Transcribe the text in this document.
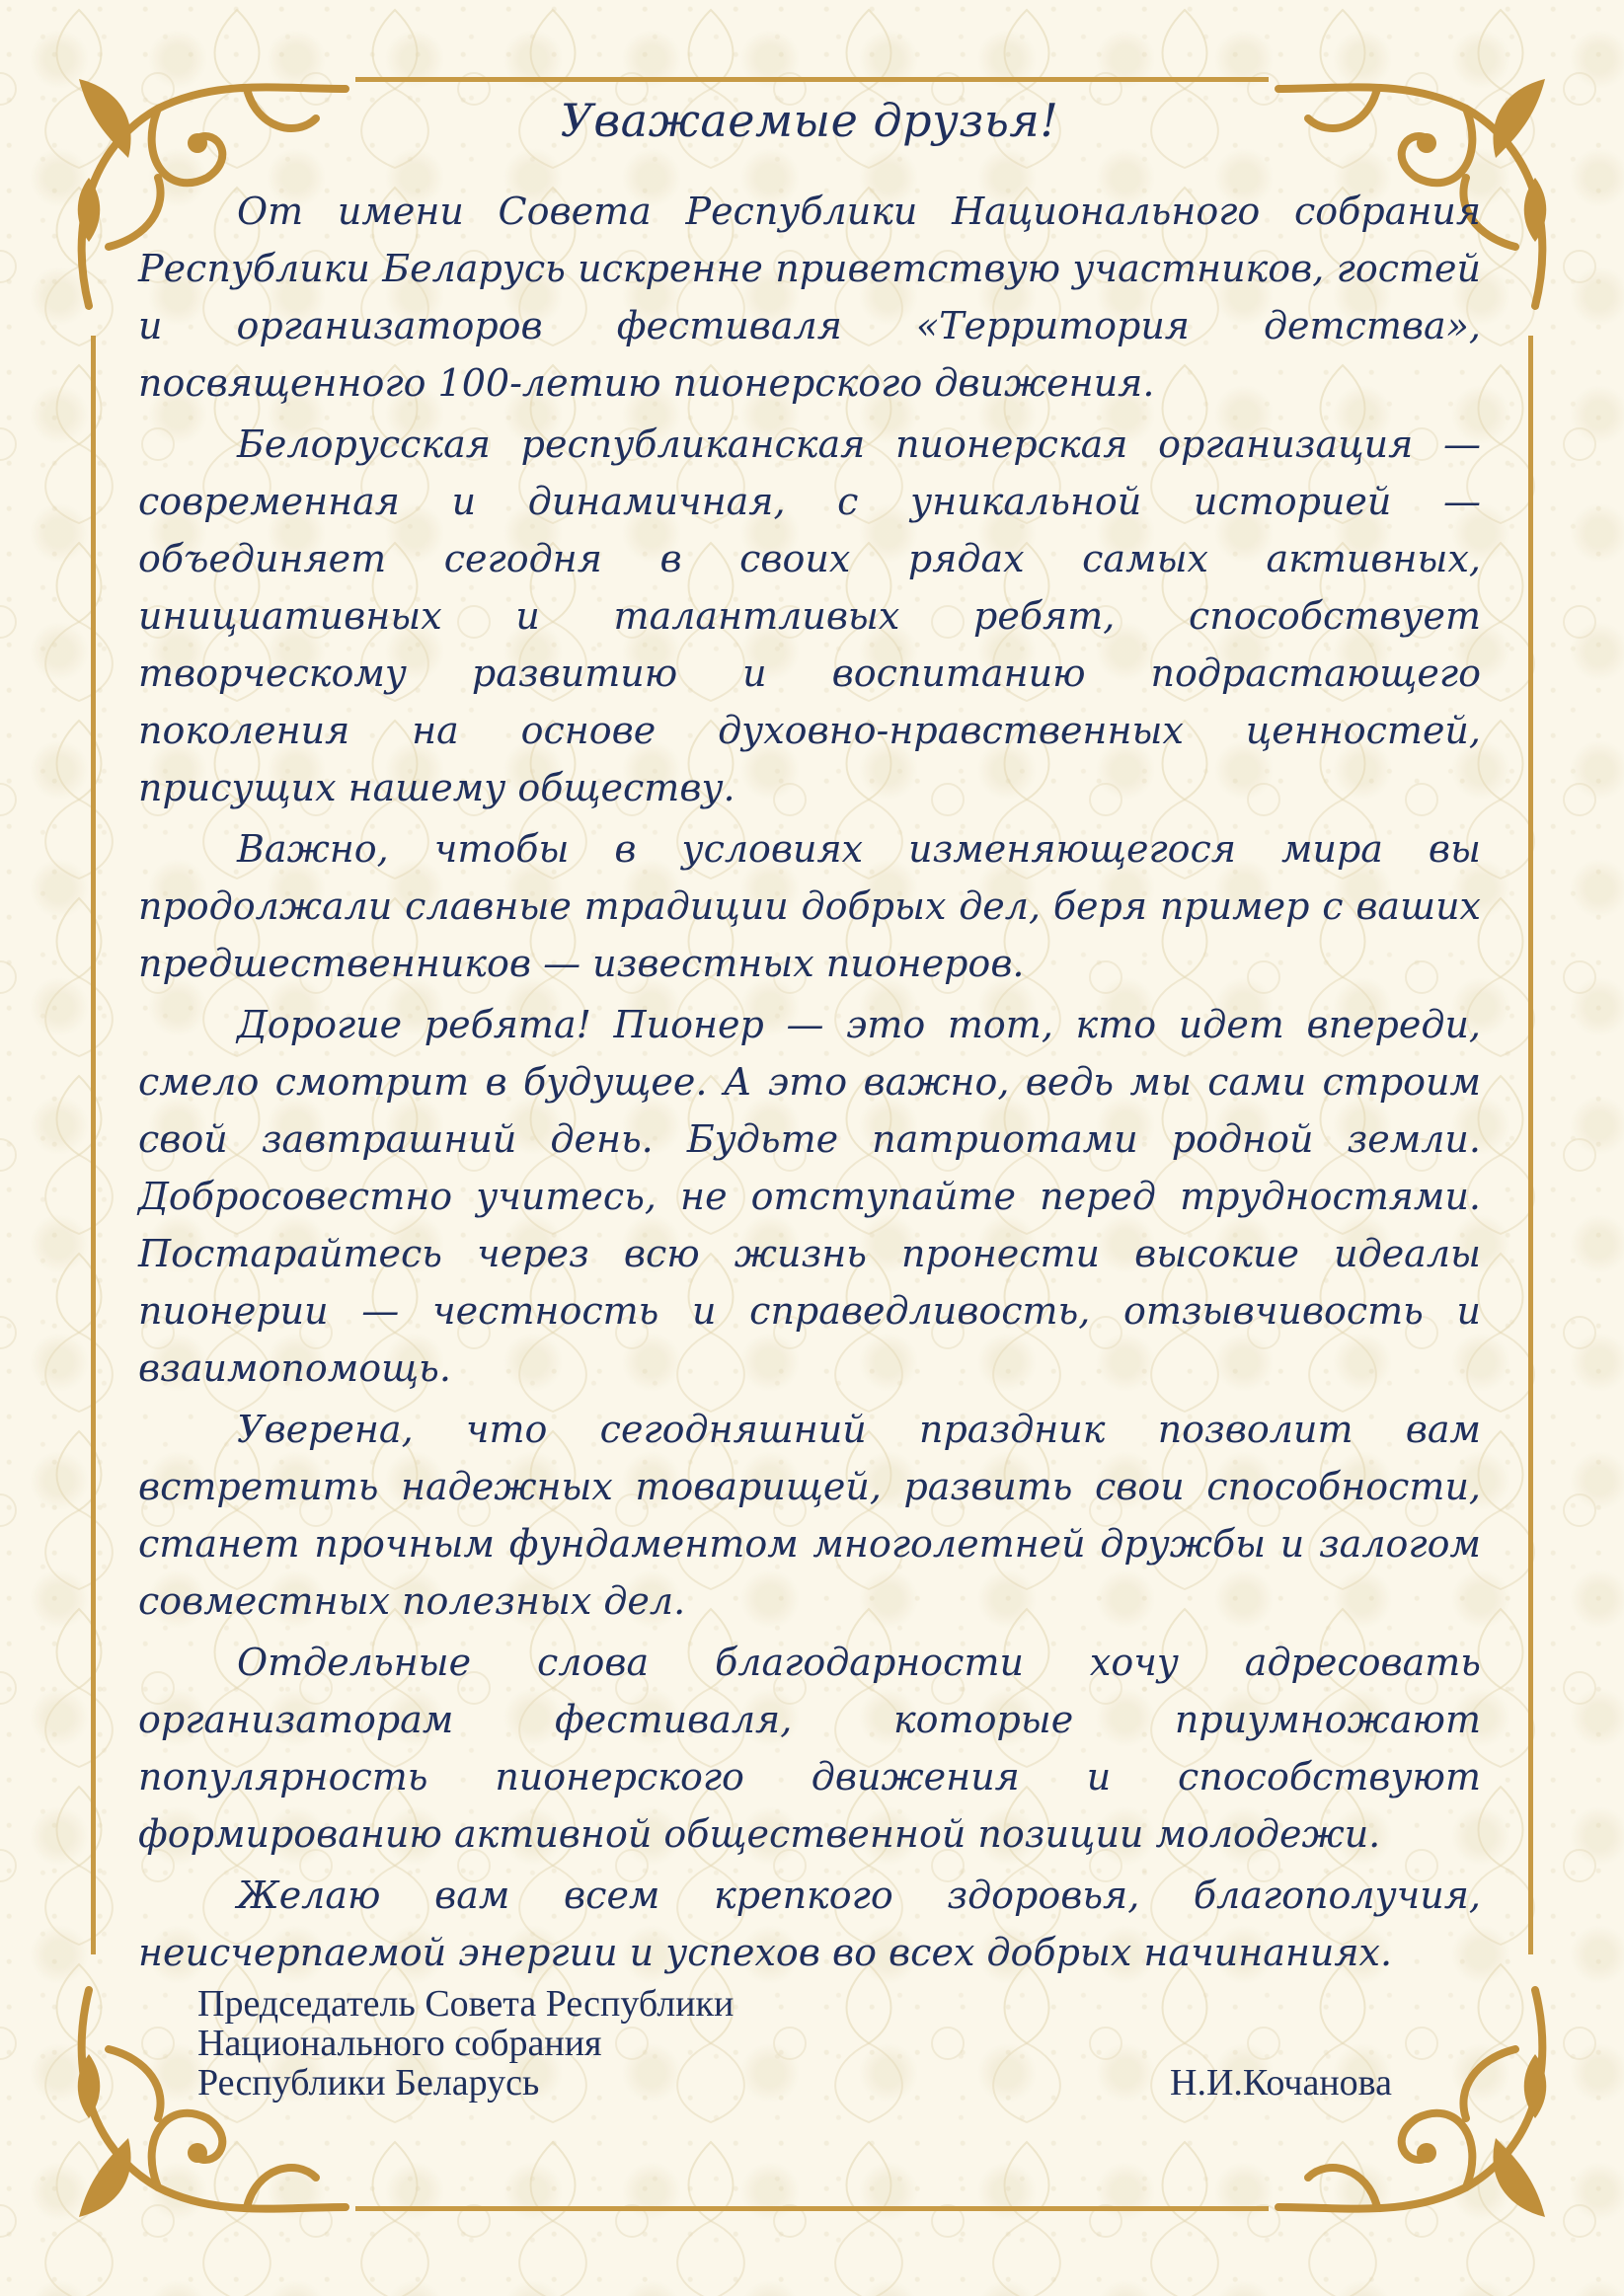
Уважаемые друзья!

От имени Совета Республики Национального собрания Республики Беларусь искренне приветствую участников, гостей и организаторов фестиваля «Территория детства», посвященного 100-летию пионерского движения.

Белорусская республиканская пионерская организация — современная и динамичная, с уникальной историей — объединяет сегодня в своих рядах самых активных, инициативных и талантливых ребят, способствует творческому развитию и воспитанию подрастающего поколения на основе духовно-нравственных ценностей, присущих нашему обществу.

Важно, чтобы в условиях изменяющегося мира вы продолжали славные традиции добрых дел, беря пример с ваших предшественников — известных пионеров.

Дорогие ребята! Пионер — это тот, кто идет впереди, смело смотрит в будущее. А это важно, ведь мы сами строим свой завтрашний день. Будьте патриотами родной земли. Добросовестно учитесь, не отступайте перед трудностями. Постарайтесь через всю жизнь пронести высокие идеалы пионерии — честность и справедливость, отзывчивость и взаимопомощь.

Уверена, что сегодняшний праздник позволит вам встретить надежных товарищей, развить свои способности, станет прочным фундаментом многолетней дружбы и залогом совместных полезных дел.

Отдельные слова благодарности хочу адресовать организаторам фестиваля, которые приумножают популярность пионерского движения и способствуют формированию активной общественной позиции молодежи.

Желаю вам всем крепкого здоровья, благополучия, неисчерпаемой энергии и успехов во всех добрых начинаниях.

Председатель Совета Республики
Национального собрания
Республики Беларусь	Н.И.Кочанова
